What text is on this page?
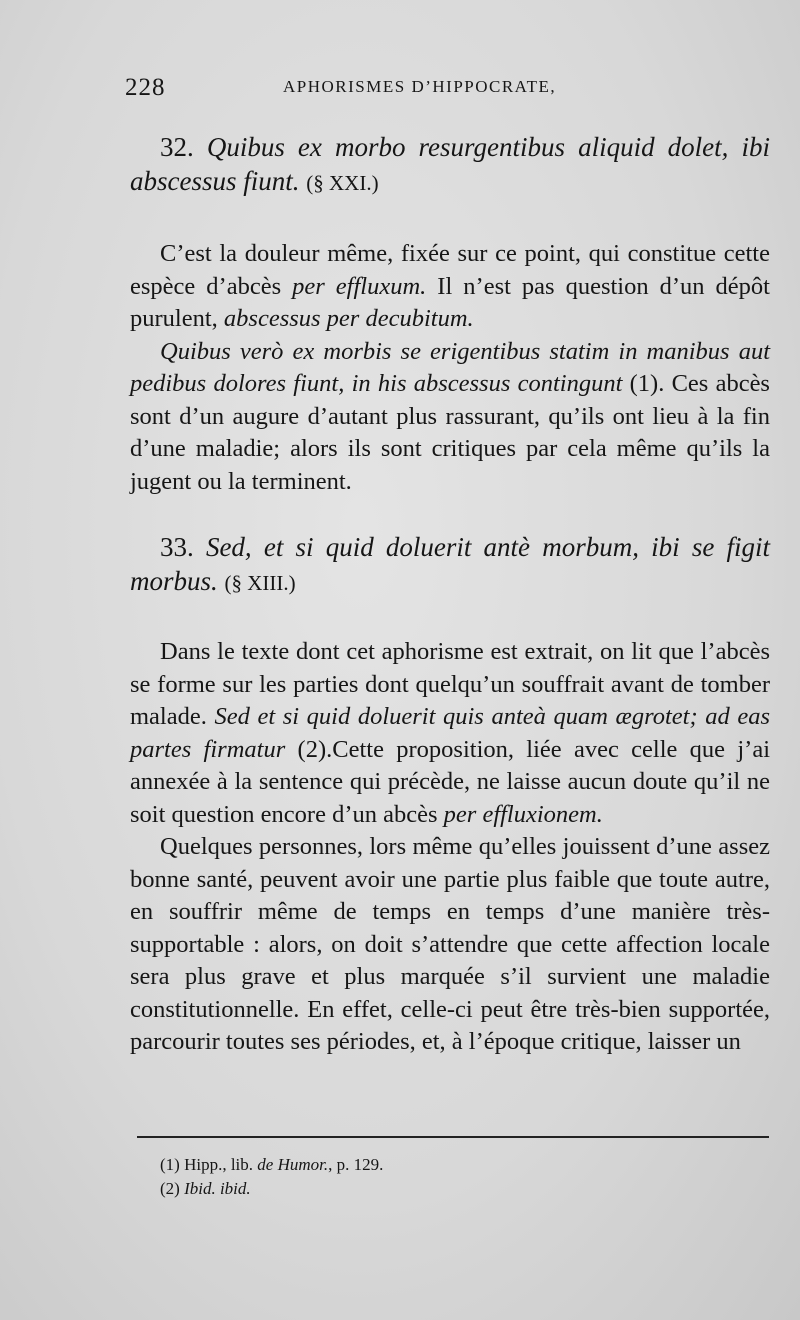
228	APHORISMES D’HIPPOCRATE,

32. Quibus ex morbo resurgentibus aliquid dolet, ibi abscessus fiunt. (§ XXI.)

C’est la douleur même, fixée sur ce point, qui constitue cette espèce d’abcès per effluxum. Il n’est pas question d’un dépôt purulent, abscessus per decubitum.

Quibus verò ex morbis se erigentibus statim in manibus aut pedibus dolores fiunt, in his abscessus contingunt (1). Ces abcès sont d’un augure d’autant plus rassurant, qu’ils ont lieu à la fin d’une maladie; alors ils sont critiques par cela même qu’ils la jugent ou la terminent.

33. Sed, et si quid doluerit antè morbum, ibi se figit morbus. (§ XIII.)

Dans le texte dont cet aphorisme est extrait, on lit que l’abcès se forme sur les parties dont quelqu’un souffrait avant de tomber malade. Sed et si quid doluerit quis anteà quam ægrotet; ad eas partes firmatur (2).Cette proposition, liée avec celle que j’ai annexée à la sentence qui précède, ne laisse aucun doute qu’il ne soit question encore d’un abcès per effluxionem.

Quelques personnes, lors même qu’elles jouissent d’une assez bonne santé, peuvent avoir une partie plus faible que toute autre, en souffrir même de temps en temps d’une manière très-supportable : alors, on doit s’attendre que cette affection locale sera plus grave et plus marquée s’il survient une maladie constitutionnelle. En effet, celle-ci peut être très-bien supportée, parcourir toutes ses périodes, et, à l’époque critique, laisser un

(1) Hipp., lib. de Humor., p. 129.
(2) Ibid. ibid.
